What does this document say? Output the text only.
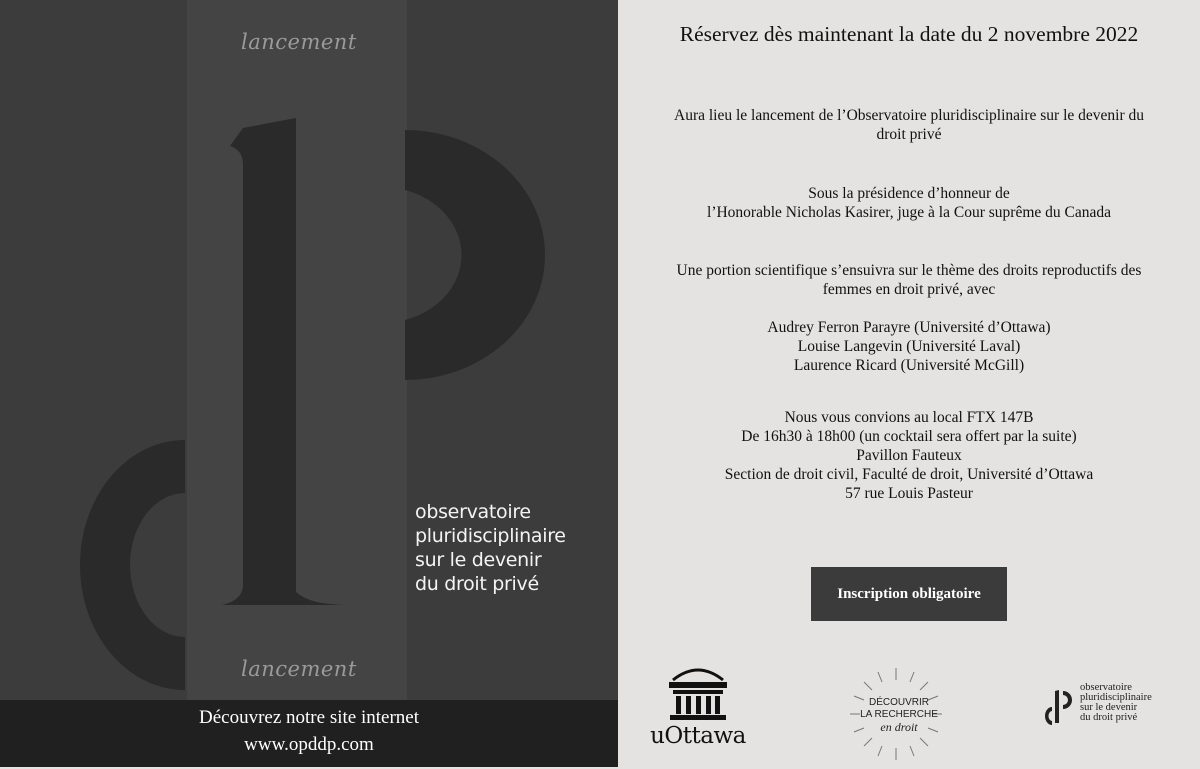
lancement
lancement
observatoire
pluridisciplinaire
sur le devenir
du droit privé
Découvrez notre site internet
www.opddp.com
Réservez dès maintenant la date du 2 novembre 2022
Aura lieu le lancement de l’Observatoire pluridisciplinaire sur le devenir du
droit privé
Sous la présidence d’honneur de
l’Honorable Nicholas Kasirer, juge à la Cour suprême du Canada
Une portion scientifique s’ensuivra sur le thème des droits reproductifs des
femmes en droit privé, avec
Audrey Ferron Parayre (Université d’Ottawa)
Louise Langevin (Université Laval)
Laurence Ricard (Université McGill)
Nous vous convions au local FTX 147B
De 16h30 à 18h00 (un cocktail sera offert par la suite)
Pavillon Fauteux
Section de droit civil, Faculté de droit, Université d’Ottawa
57 rue Louis Pasteur
Inscription obligatoire
uOttawa
DÉCOUVRIR
LA RECHERCHE
en droit
observatoire
pluridisciplinaire
sur le devenir
du droit privé
